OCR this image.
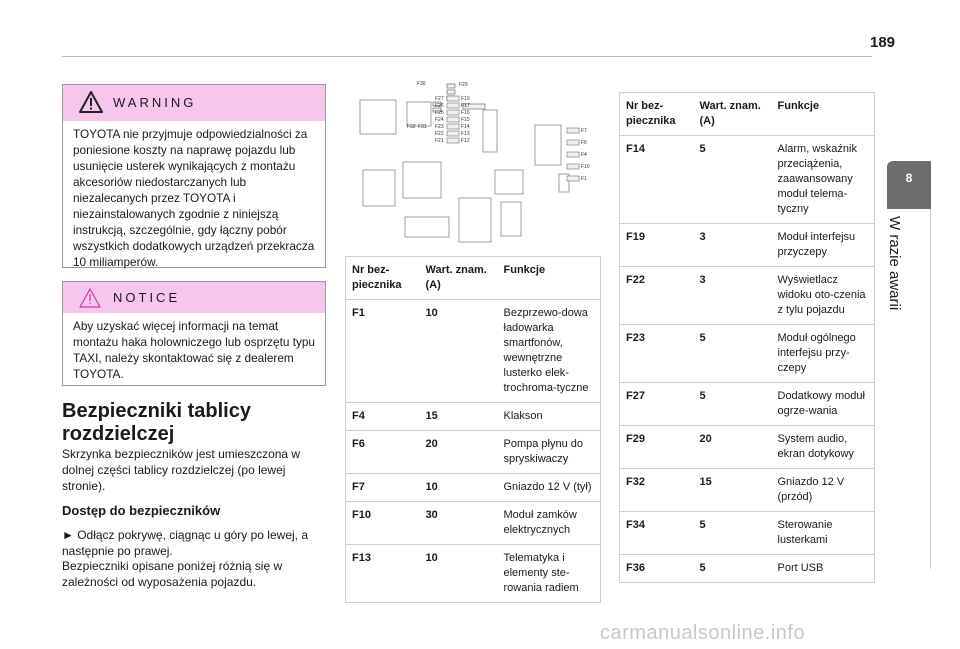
189
8
W razie awarii
WARNING
TOYOTA nie przyjmuje odpowiedzialności za poniesione koszty na naprawę pojazdu lub usunięcie usterek wynikających z montażu akcesoriów niedostarczanych lub niezalecanych przez TOYOTA i niezainstalowanych zgodnie z niniejszą instrukcją, szczególnie, gdy łączny pobór wszystkich dodatkowych urządzeń przekracza 10 miliamperów.
NOTICE
Aby uzyskać więcej informacji na temat montażu haka holowniczego lub osprzętu typu TAXI, należy skontaktować się z dealerem TOYOTA.
Bezpieczniki tablicy rozdzielczej
Skrzynka bezpieczników jest umieszczona w dolnej części tablicy rozdzielczej (po lewej stronie).
Dostęp do bezpieczników
► Odłącz pokrywę, ciągnąc u góry po lewej, a następnie po prawej.
Bezpieczniki opisane poniżej różnią się w zależności od wyposażenia pojazdu.
F27	F19
F26	F17
F25	F16
F24	F15
F23	F14
F22	F13
F21	F12
F7
F6
F4
F10
F1
F36	F29
F32 F31
Nr bez-piecznika	Wart. znam. (A)	Funkcje
F1	10	Bezprzewo-dowa ładowarka smartfonów, wewnętrzne lusterko elek-trochroma-tyczne
F4	15	Klakson
F6	20	Pompa płynu do spryskiwaczy
F7	10	Gniazdo 12 V (tył)
F10	30	Moduł zamków elektrycznych
F13	10	Telematyka i elementy ste-rowania radiem
Nr bez-piecznika	Wart. znam. (A)	Funkcje
F14	5	Alarm, wskaźnik przeciążenia, zaawansowany moduł telema-tyczny
F19	3	Moduł interfejsu przyczepy
F22	3	Wyświetlacz widoku oto-czenia z tylu pojazdu
F23	5	Moduł ogólnego interfejsu przy-czepy
F27	5	Dodatkowy moduł ogrze-wania
F29	20	System audio, ekran dotykowy
F32	15	Gniazdo 12 V (przód)
F34	5	Sterowanie lusterkami
F36	5	Port USB
carmanualsonline.info
